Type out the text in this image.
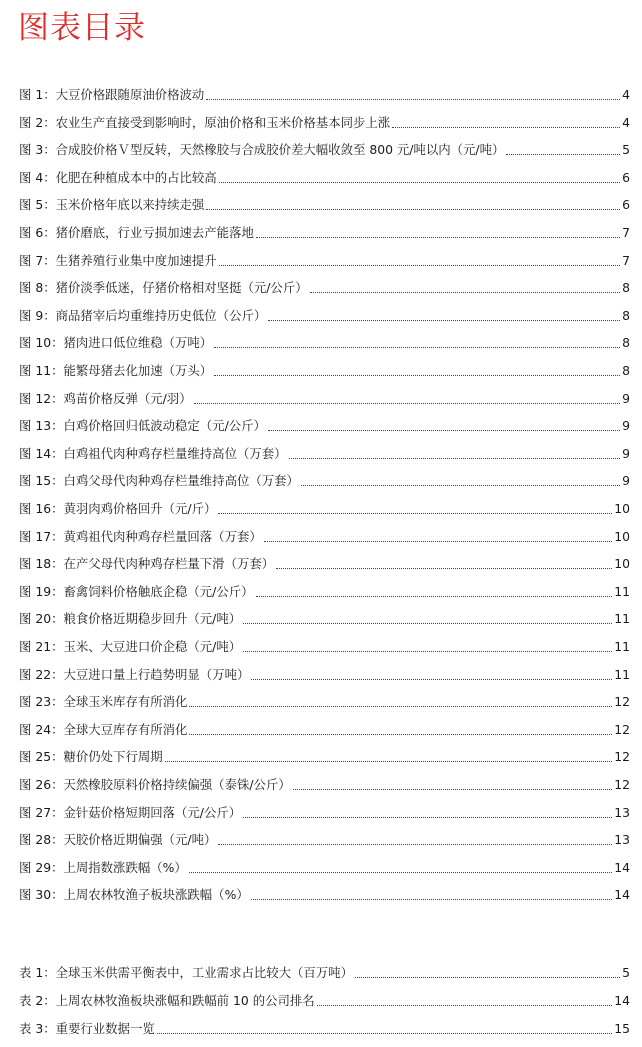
图表目录
图 1： 大豆价格跟随原油价格波动	4
图 2： 农业生产直接受到影响时，原油价格和玉米价格基本同步上涨	4
图 3： 合成胶价格Ｖ型反转，天然橡胶与合成胶价差大幅收敛至 800 元/吨以内（元/吨）	5
图 4： 化肥在种植成本中的占比较高	6
图 5： 玉米价格年底以来持续走强	6
图 6： 猪价磨底，行业亏损加速去产能落地	7
图 7： 生猪养殖行业集中度加速提升	7
图 8： 猪价淡季低迷，仔猪价格相对坚挺（元/公斤）	8
图 9： 商品猪宰后均重维持历史低位（公斤）	8
图 10： 猪肉进口低位维稳（万吨）	8
图 11： 能繁母猪去化加速（万头）	8
图 12： 鸡苗价格反弹（元/羽）	9
图 13： 白鸡价格回归低波动稳定（元/公斤）	9
图 14： 白鸡祖代肉种鸡存栏量维持高位（万套）	9
图 15： 白鸡父母代肉种鸡存栏量维持高位（万套）	9
图 16： 黄羽肉鸡价格回升（元/斤）	10
图 17： 黄鸡祖代肉种鸡存栏量回落（万套）	10
图 18： 在产父母代肉种鸡存栏量下滑（万套）	10
图 19： 畜禽饲料价格触底企稳（元/公斤）	11
图 20： 粮食价格近期稳步回升（元/吨）	11
图 21： 玉米、大豆进口价企稳（元/吨）	11
图 22： 大豆进口量上行趋势明显（万吨）	11
图 23： 全球玉米库存有所消化	12
图 24： 全球大豆库存有所消化	12
图 25： 糖价仍处下行周期	12
图 26： 天然橡胶原料价格持续偏强（泰铢/公斤）	12
图 27： 金针菇价格短期回落（元/公斤）	13
图 28： 天胶价格近期偏强（元/吨）	13
图 29： 上周指数涨跌幅（%）	14
图 30： 上周农林牧渔子板块涨跌幅（%）	14
表 1： 全球玉米供需平衡表中，工业需求占比较大（百万吨）	5
表 2： 上周农林牧渔板块涨幅和跌幅前 10 的公司排名	14
表 3： 重要行业数据一览	15
